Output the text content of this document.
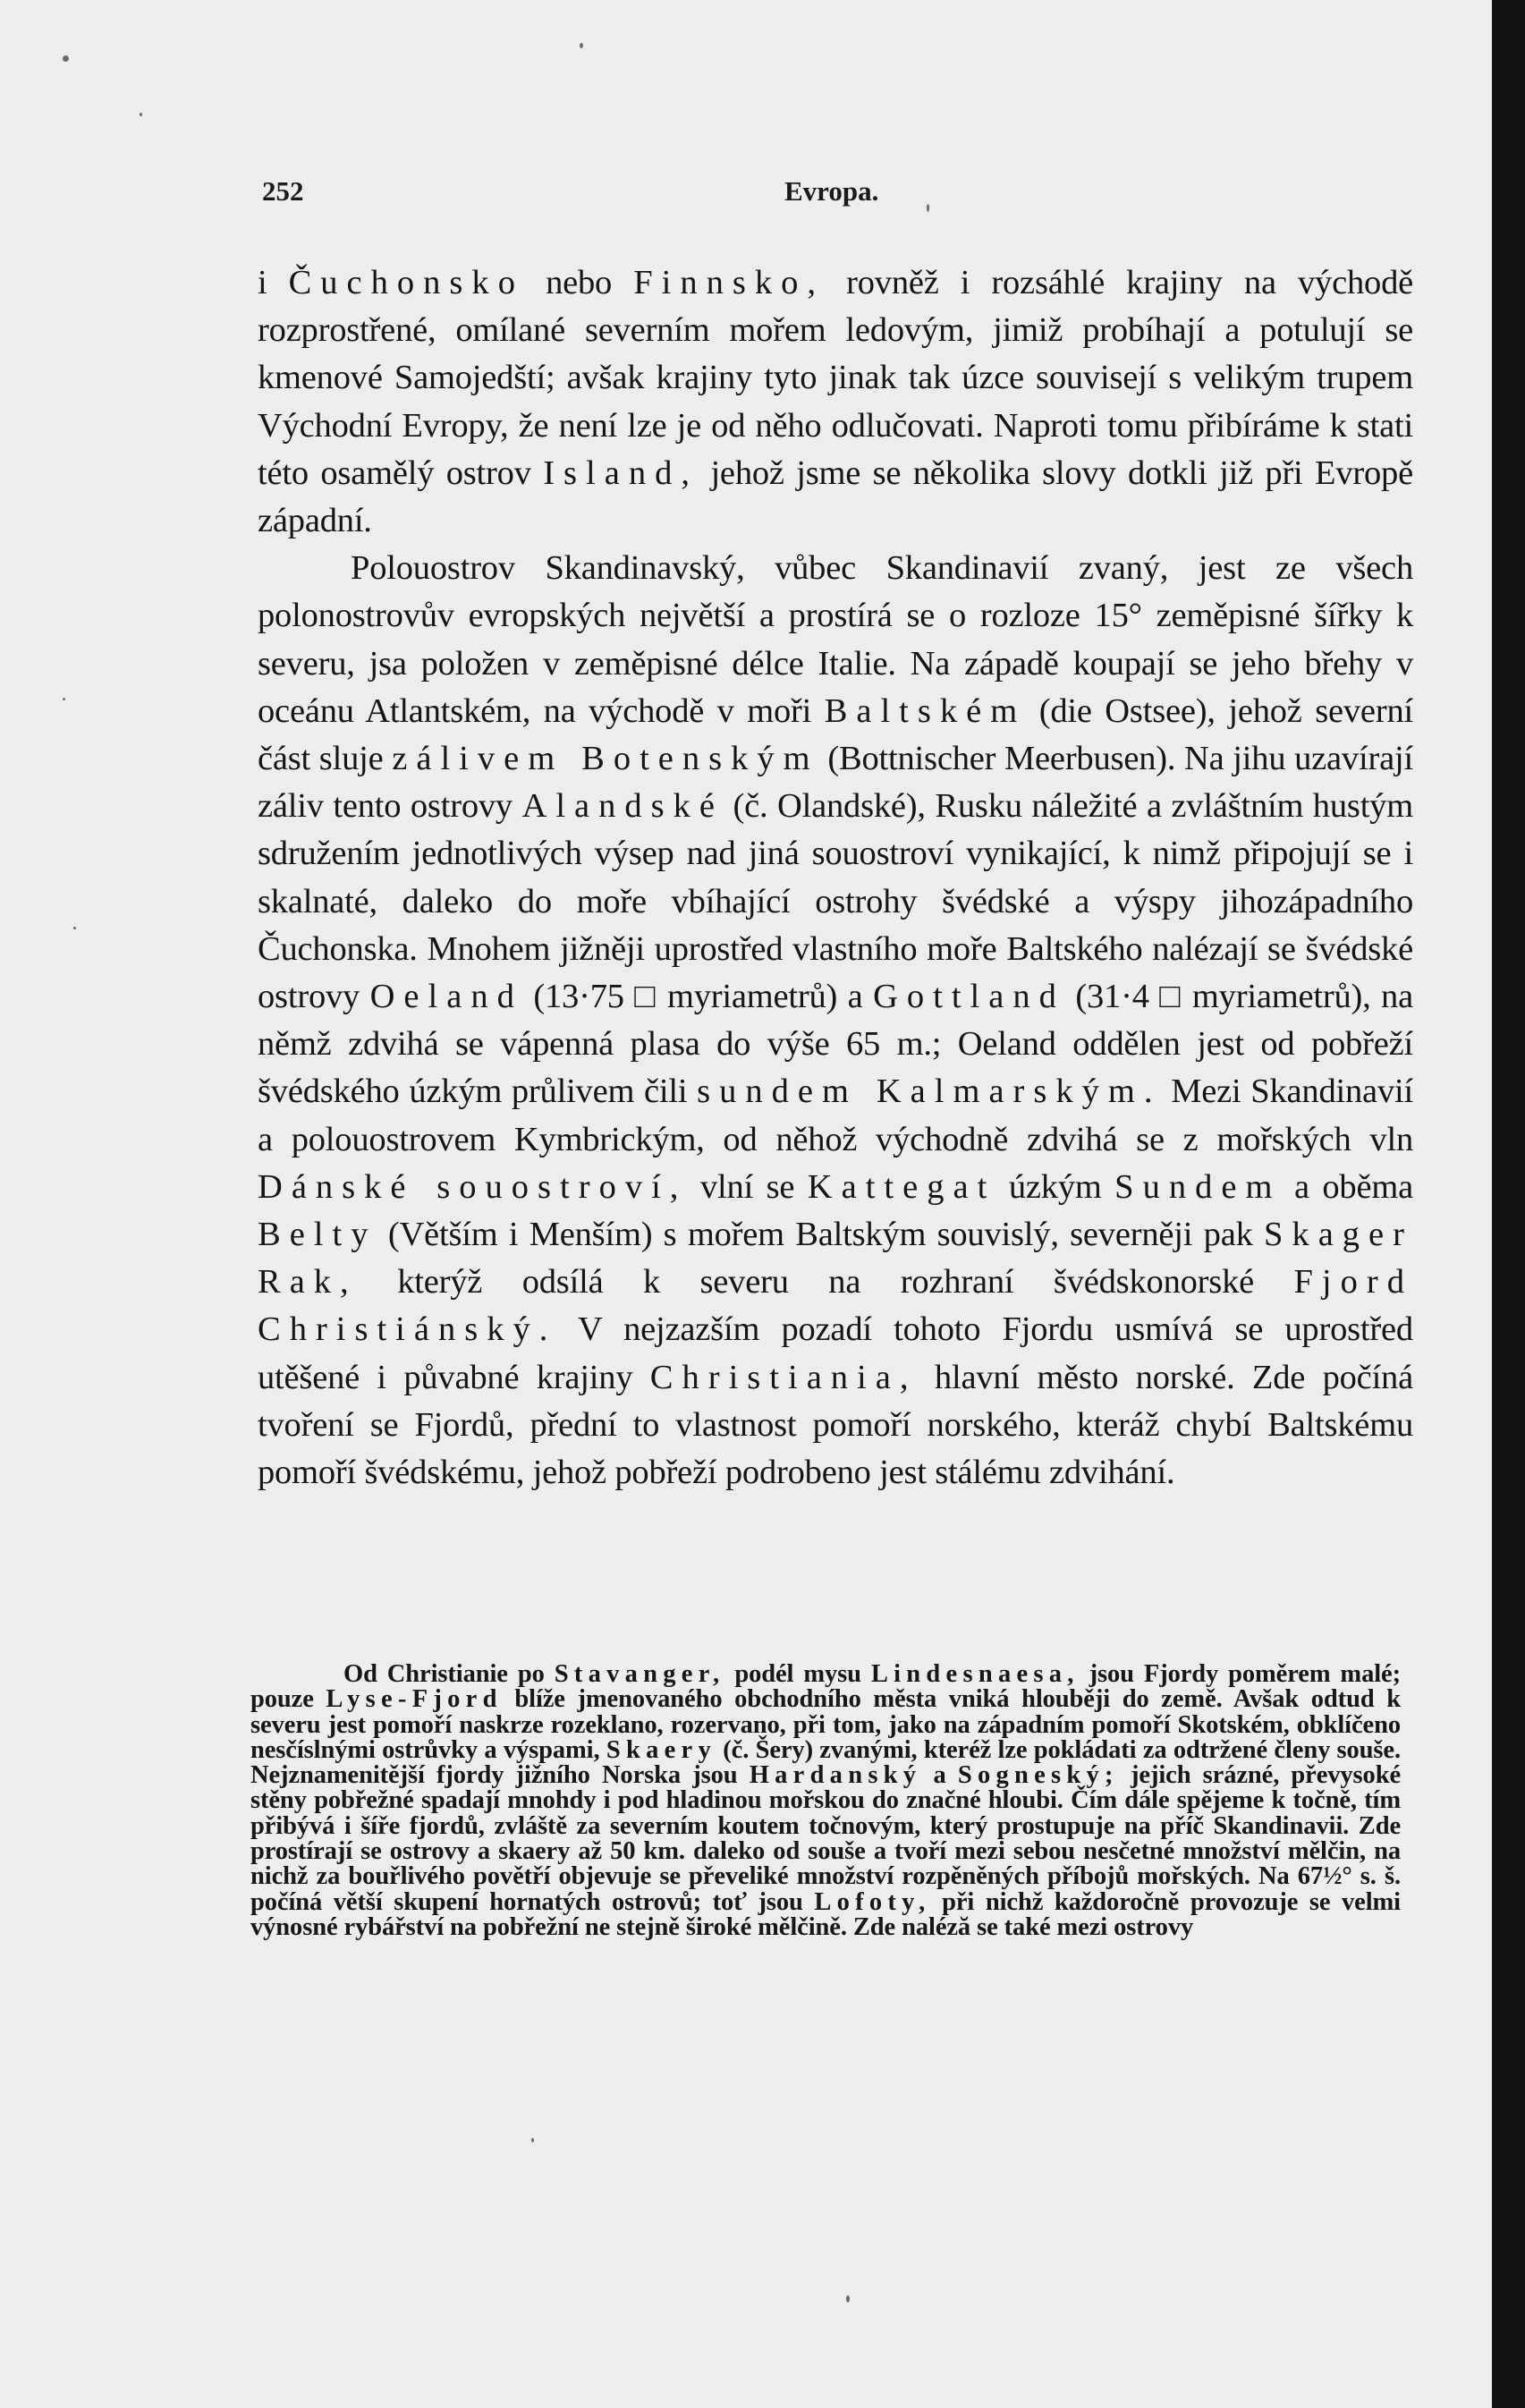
252	Evropa.

i Čuchonsko nebo Finnsko, rovněž i rozsáhlé krajiny na východě rozprostřené, omílané severním mořem ledovým, jimiž probíhají a potulují se kmenové Samojedští; avšak krajiny tyto jinak tak úzce souvisejí s velikým trupem Východní Evropy, že není lze je od něho odlučovati. Naproti tomu přibíráme k stati této osamělý ostrov Island, jehož jsme se několika slovy dotkli již při Evropě západní.

Polouostrov Skandinavský, vůbec Skandinavií zvaný, jest ze všech polonostrovův evropských největší a prostírá se o rozloze 15° zeměpisné šířky k severu, jsa položen v zeměpisné délce Italie. Na západě koupají se jeho břehy v oceánu Atlantském, na východě v moři Baltském (die Ostsee), jehož severní část sluje zálivem Botenským (Bottnischer Meerbusen). Na jihu uzavírají záliv tento ostrovy Alandské (č. Olandské), Rusku náležité a zvláštním hustým sdružením jednotlivých výsep nad jiná souostroví vynikající, k nimž připojují se i skalnaté, daleko do moře vbíhající ostrohy švédské a výspy jihozápadního Čuchonska. Mnohem jižněji uprostřed vlastního moře Baltského nalézají se švédské ostrovy Oeland (13·75 □ myriametrů) a Gottland (31·4 □ myriametrů), na němž zdvihá se vápenná plasa do výše 65 m.; Oeland oddělen jest od pobřeží švédského úzkým průlivem čili sundem Kalmarským. Mezi Skandinavií a polouostrovem Kymbrickým, od něhož východně zdvihá se z mořských vln Dánské souostroví, vlní se Kattegat úzkým Sundem a oběma Belty (Větším i Menším) s mořem Baltským souvislý, severněji pak Skager Rak, kterýž odsílá k severu na rozhraní švédskonorské Fjord Christiánský. V nejzazším pozadí tohoto Fjordu usmívá se uprostřed utěšené i půvabné krajiny Christiania, hlavní město norské. Zde počíná tvoření se Fjordů, přední to vlastnost pomoří norského, kteráž chybí Baltskému pomoří švédskému, jehož pobřeží podrobeno jest stálému zdvihání.

Od Christianie po Stavanger, podél mysu Lindesnaesa, jsou Fjordy poměrem malé; pouze Lyse-Fjord blíže jmenovaného obchodního města vniká hlouběji do země. Avšak odtud k severu jest pomoří naskrze rozeklano, rozervano, při tom, jako na západním pomoří Skotském, obklíčeno nesčíslnými ostrůvky a výspami, Skaery (č. Šery) zvanými, kteréž lze pokládati za odtržené členy souše. Nejznamenitější fjordy jižního Norska jsou Hardanský a Sogneský; jejich srázné, převysoké stěny pobřežné spadají mnohdy i pod hladinou mořskou do značné hloubi. Čím dále spějeme k točně, tím přibývá i šíře fjordů, zvláště za severním koutem točnovým, který prostupuje na příč Skandinavii. Zde prostírají se ostrovy a skaery až 50 km. daleko od souše a tvoří mezi sebou nesčetné množství mělčin, na nichž za bouřlivého povětří objevuje se převeliké množství rozpěněných příbojů mořských. Na 67½° s. š. počíná větší skupení hornatých ostrovů; toť jsou Lofoty, při nichž každoročně provozuje se velmi výnosné rybářství na pobřežní ne stejně široké mělčině. Zde naléză se také mezi ostrovy
